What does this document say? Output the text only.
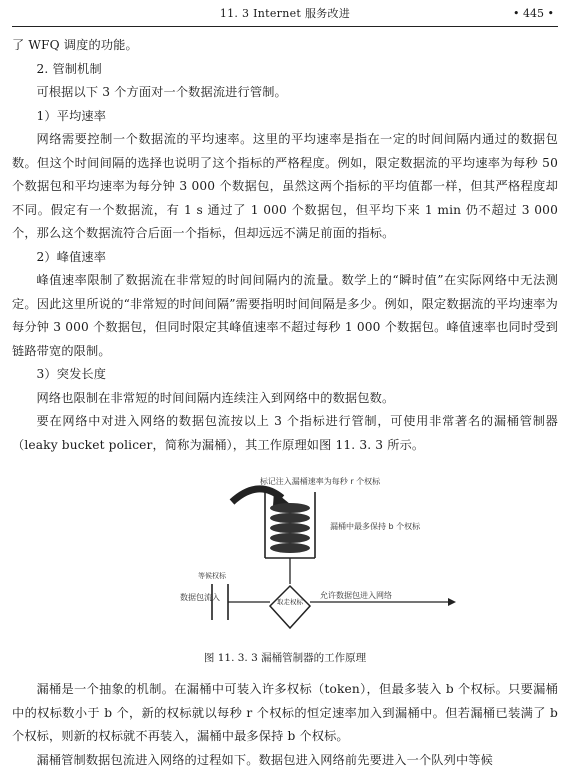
11. 3 Internet 服务改进	• 445 •

了 WFQ 调度的功能。

2. 管制机制

可根据以下 3 个方面对一个数据流进行管制。

1）平均速率

网络需要控制一个数据流的平均速率。这里的平均速率是指在一定的时间间隔内通过的数据包数。但这个时间间隔的选择也说明了这个指标的严格程度。例如，限定数据流的平均速率为每秒 50 个数据包和平均速率为每分钟 3 000 个数据包，虽然这两个指标的平均值都一样，但其严格程度却不同。假定有一个数据流，有 1 s 通过了 1 000 个数据包，但平均下来 1 min 仍不超过 3 000 个，那么这个数据流符合后面一个指标，但却远远不满足前面的指标。

2）峰值速率

峰值速率限制了数据流在非常短的时间间隔内的流量。数学上的“瞬时值”在实际网络中无法测定。因此这里所说的“非常短的时间间隔”需要指明时间间隔是多少。例如，限定数据流的平均速率为每分钟 3 000 个数据包，但同时限定其峰值速率不超过每秒 1 000 个数据包。峰值速率也同时受到链路带宽的限制。

3）突发长度

网络也限制在非常短的时间间隔内连续注入到网络中的数据包数。

要在网络中对进入网络的数据包流按以上 3 个指标进行管制，可使用非常著名的漏桶管制器（leaky bucket policer，简称为漏桶），其工作原理如图 11. 3. 3 所示。

标记注入漏桶速率为每秒 r 个权标
漏桶中最多保持 b 个权标
取走权标
数据包流入
等候权标
允许数据包进入网络
图 11. 3. 3 漏桶管制器的工作原理

漏桶是一个抽象的机制。在漏桶中可装入许多权标（token），但最多装入 b 个权标。只要漏桶中的权标数小于 b 个，新的权标就以每秒 r 个权标的恒定速率加入到漏桶中。但若漏桶已装满了 b 个权标，则新的权标就不再装入，漏桶中最多保持 b 个权标。

漏桶管制数据包流进入网络的过程如下。数据包进入网络前先要进入一个队列中等候
